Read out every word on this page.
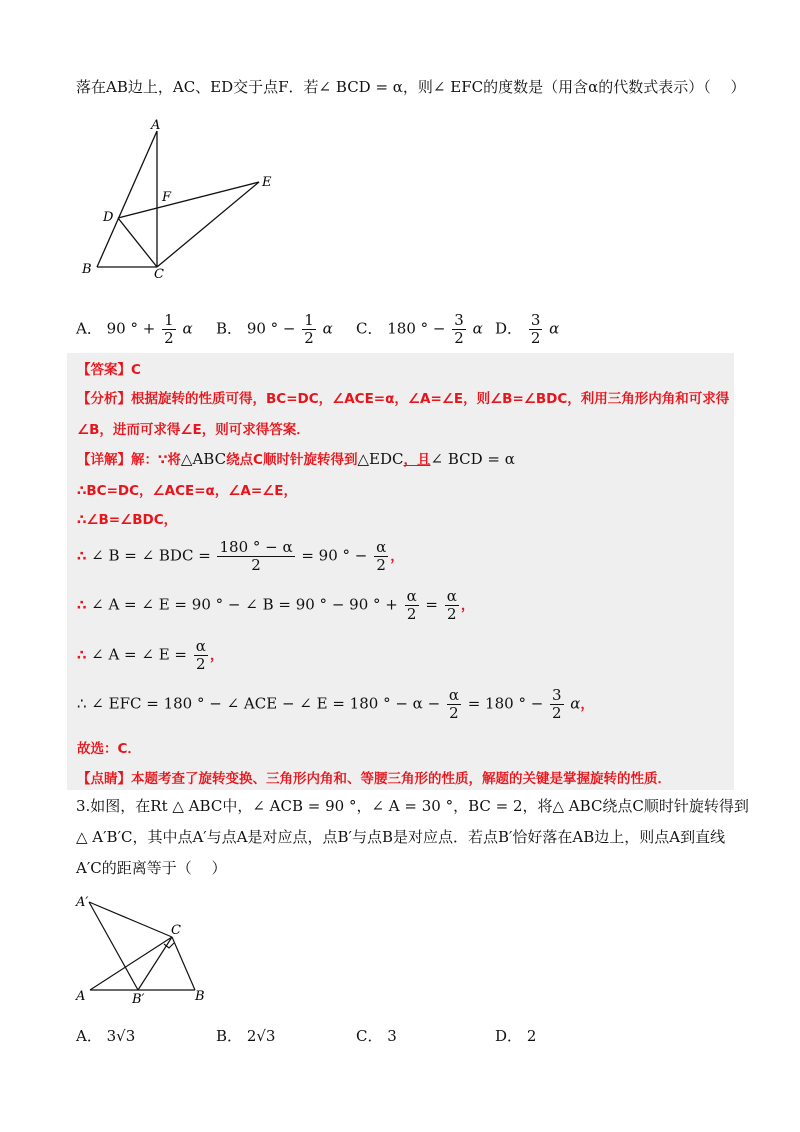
落在AB边上，AC、ED交于点F．若∠ BCD = α，则∠ EFC的度数是（用含α的代数式表示）（　 ）
A
F
E
D
B	C
A． 90 ° + $\frac{1}{2}$ α B． 90 ° − $\frac{1}{2}$ α C． 180 ° − $\frac{3}{2}$ α D． $\frac{3}{2}$ α
【答案】C
【分析】根据旋转的性质可得，BC=DC，∠ACE=α，∠A=∠E，则∠B=∠BDC，利用三角形内角和可求得
∠B，进而可求得∠E，则可求得答案．
【详解】解：∵将△ABC绕点C顺时针旋转得到△EDC，且∠ BCD = α
∴BC=DC，∠ACE=α，∠A=∠E，
∴∠B=∠BDC，
∴ ∠ B = ∠ BDC = $\frac{180 ^\circ - \alpha}{2} = 90$ ° − $\frac{\alpha}{2}$ ，
∴ ∠ A = ∠ E = 90 ° − ∠ B = 90 ° − 90 ° + $\frac{\alpha}{2} = \frac{\alpha}{2}$ ，
∴ ∠ A = ∠ $E = \frac{\alpha}{2}$ ，
∴ ∠ EFC = 180 ° − ∠ ACE − ∠ E = 180 ° − $\alpha - \frac{\alpha}{2} = 180$ ° − $\frac{3}{2}$ α，
故选：C．
【点睛】本题考查了旋转变换、三角形内角和、等腰三角形的性质，解题的关键是掌握旋转的性质．
3.如图，在Rt △ ABC中，∠ ACB = 90 °，∠ A = 30 °，BC = 2，将△ ABC绕点C顺时针旋转得到
△ A′B′C，其中点A′与点A是对应点，点B′与点B是对应点．若点B′恰好落在AB边上，则点A到直线
A′C的距离等于（　 ）
A′
C
A	B′	B
A． 3√3	B． 2√3	C． 3	D． 2
